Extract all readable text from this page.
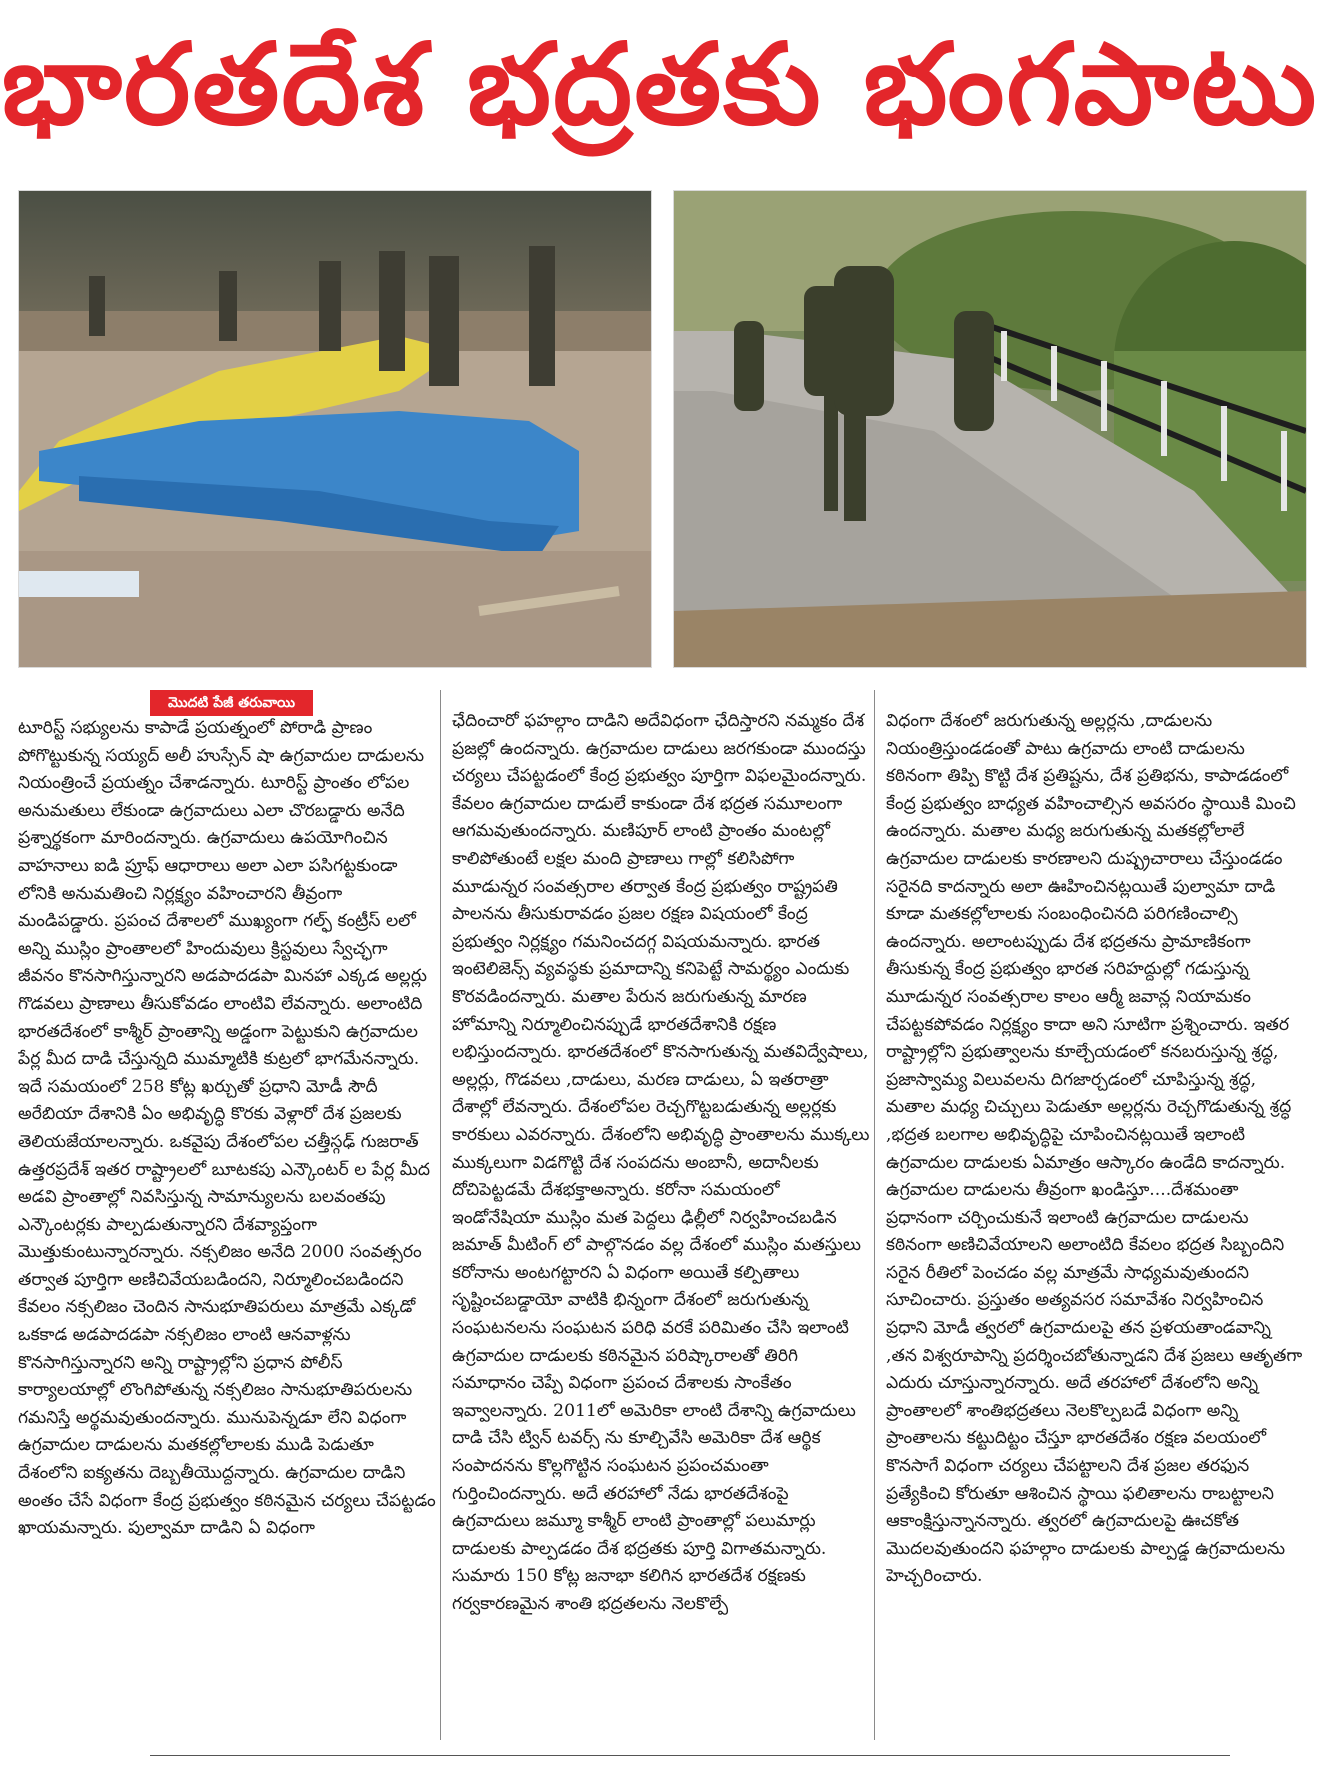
భారతదేశ భద్రతకు భంగపాటు
మొదటి పేజీ తరువాయి

టూరిస్ట్ సభ్యులను కాపాడే ప్రయత్నంలో పోరాడి ప్రాణం పోగొట్టుకున్న సయ్యద్ అలీ హుస్సేన్ షా ఉగ్రవాదుల దాడులను నియంత్రించే ప్రయత్నం చేశాడన్నారు. టూరిస్ట్ ప్రాంతం లోపల అనుమతులు లేకుండా ఉగ్రవాదులు ఎలా చొరబడ్డారు అనేది ప్రశ్నార్థకంగా మారిందన్నారు. ఉగ్రవాదులు ఉపయోగించిన వాహనాలు ఐడి ప్రూఫ్ ఆధారాలు అలా ఎలా పసిగట్టకుండా లోనికి అనుమతించి నిర్లక్ష్యం వహించారని తీవ్రంగా మండిపడ్డారు. ప్రపంచ దేశాలలో ముఖ్యంగా గల్ఫ్ కంట్రీస్ లలో అన్ని ముస్లిం ప్రాంతాలలో హిందువులు క్రిస్టవులు స్వేచ్ఛగా జీవనం కొనసాగిస్తున్నారని అడపాదడపా మినహా ఎక్కడ అల్లర్లు గొడవలు ప్రాణాలు తీసుకోవడం లాంటివి లేవన్నారు. అలాంటిది భారతదేశంలో కాశ్మీర్ ప్రాంతాన్ని అడ్డంగా పెట్టుకుని ఉగ్రవాదుల పేర్ల మీద దాడి చేస్తున్నది ముమ్మాటికి కుట్రలో భాగమేనన్నారు. ఇదే సమయంలో 258 కోట్ల ఖర్చుతో ప్రధాని మోడీ సౌదీ అరేబియా దేశానికి ఏం అభివృద్ధి కొరకు వెళ్లారో దేశ ప్రజలకు తెలియజేయాలన్నారు. ఒకవైపు దేశంలోపల చత్తీస్గఢ్ గుజరాత్ ఉత్తరప్రదేశ్ ఇతర రాష్ట్రాలలో బూటకపు ఎన్కౌంటర్ ల పేర్ల మీద అడవి ప్రాంతాల్లో నివసిస్తున్న సామాన్యులను బలవంతపు ఎన్కౌంటర్లకు పాల్పడుతున్నారని దేశవ్యాప్తంగా మొత్తుకుంటున్నారన్నారు. నక్సలిజం అనేది 2000 సంవత్సరం తర్వాత పూర్తిగా అణిచివేయబడిందని, నిర్మూలించబడిందని కేవలం నక్సలిజం చెందిన సానుభూతిపరులు మాత్రమే ఎక్కడో ఒకకాడ అడపాదడపా నక్సలిజం లాంటి ఆనవాళ్లను కొనసాగిస్తున్నారని అన్ని రాష్ట్రాల్లోని ప్రధాన పోలీస్ కార్యాలయాల్లో లొంగిపోతున్న నక్సలిజం సానుభూతిపరులను గమనిస్తే అర్థమవుతుందన్నారు. మునుపెన్నడూ లేని విధంగా ఉగ్రవాదుల దాడులను మతకల్లోలాలకు ముడి పెడుతూ దేశంలోని ఐక్యతను దెబ్బతీయొద్దన్నారు. ఉగ్రవాదుల దాడిని అంతం చేసే విధంగా కేంద్ర ప్రభుత్వం కఠినమైన చర్యలు చేపట్టడం ఖాయమన్నారు. పుల్వామా దాడిని ఏ విధంగా

ఛేదించారో ఫహల్గాం దాడిని అదేవిధంగా ఛేదిస్తారని నమ్మకం దేశ ప్రజల్లో ఉందన్నారు. ఉగ్రవాదుల దాడులు జరగకుండా ముందస్తు చర్యలు చేపట్టడంలో కేంద్ర ప్రభుత్వం పూర్తిగా విఫలమైందన్నారు. కేవలం ఉగ్రవాదుల దాడులే కాకుండా దేశ భద్రత సమూలంగా ఆగమవుతుందన్నారు. మణిపూర్ లాంటి ప్రాంతం మంటల్లో కాలిపోతుంటే లక్షల మంది ప్రాణాలు గాల్లో కలిసిపోగా మూడున్నర సంవత్సరాల తర్వాత కేంద్ర ప్రభుత్వం రాష్ట్రపతి పాలనను తీసుకురావడం ప్రజల రక్షణ విషయంలో కేంద్ర ప్రభుత్వం నిర్లక్ష్యం గమనించదగ్గ విషయమన్నారు. భారత ఇంటెలిజెన్స్ వ్యవస్థకు ప్రమాదాన్ని కనిపెట్టే సామర్థ్యం ఎందుకు కొరవడిందన్నారు. మతాల పేరున జరుగుతున్న మారణ హోమాన్ని నిర్మూలించినప్పుడే భారతదేశానికి రక్షణ లభిస్తుందన్నారు. భారతదేశంలో కొనసాగుతున్న మతవిద్వేషాలు, అల్లర్లు, గొడవలు ,దాడులు, మరణ దాడులు, ఏ ఇతరాత్రా దేశాల్లో లేవన్నారు. దేశంలోపల రెచ్చగొట్టబడుతున్న అల్లర్లకు కారకులు ఎవరన్నారు. దేశంలోని అభివృద్ధి ప్రాంతాలను ముక్కలు ముక్కలుగా విడగొట్టి దేశ సంపదను అంబానీ, అదానీలకు దోచిపెట్టడమే దేశభక్తాఅన్నారు. కరోనా సమయంలో ఇండోనేషియా ముస్లిం మత పెద్దలు ఢిల్లీలో నిర్వహించబడిన జమాత్ మీటింగ్ లో పాల్గొనడం వల్ల దేశంలో ముస్లిం మతస్తులు కరోనాను అంటగట్టారని ఏ విధంగా అయితే కల్పితాలు సృష్టించబడ్డాయో వాటికి భిన్నంగా దేశంలో జరుగుతున్న సంఘటనలను సంఘటన పరిధి వరకే పరిమితం చేసి ఇలాంటి ఉగ్రవాదుల దాడులకు కఠినమైన పరిష్కారాలతో తిరిగి సమాధానం చెప్పే విధంగా ప్రపంచ దేశాలకు సాంకేతం ఇవ్వాలన్నారు. 2011లో అమెరికా లాంటి దేశాన్ని ఉగ్రవాదులు దాడి చేసి ట్విన్ టవర్స్ ను కూల్చివేసి అమెరికా దేశ ఆర్థిక సంపాదనను కొల్లగొట్టిన సంఘటన ప్రపంచమంతా గుర్తించిందన్నారు. అదే తరహాలో నేడు భారతదేశంపై ఉగ్రవాదులు జమ్మూ కాశ్మీర్ లాంటి ప్రాంతాల్లో పలుమార్లు దాడులకు పాల్పడడం దేశ భద్రతకు పూర్తి విగాతమన్నారు. సుమారు 150 కోట్ల జనాభా కలిగిన భారతదేశ రక్షణకు గర్వకారణమైన శాంతి భద్రతలను నెలకొల్పే

విధంగా దేశంలో జరుగుతున్న అల్లర్లను ,దాడులను నియంత్రిస్తుండడంతో పాటు ఉగ్రవాదు లాంటి దాడులను కఠినంగా తిప్పి కొట్టి దేశ ప్రతిష్టను, దేశ ప్రతిభను, కాపాడడంలో కేంద్ర ప్రభుత్వం బాధ్యత వహించాల్సిన అవసరం స్థాయికి మించి ఉందన్నారు. మతాల మధ్య జరుగుతున్న మతకల్లోలాలే ఉగ్రవాదుల దాడులకు కారణాలని దుష్ప్రచారాలు చేస్తుండడం సరైనది కాదన్నారు అలా ఊహించినట్లయితే పుల్వామా దాడి కూడా మతకల్లోలాలకు సంబంధించినది పరిగణించాల్సి ఉందన్నారు. అలాంటప్పుడు దేశ భద్రతను ప్రామాణికంగా తీసుకున్న కేంద్ర ప్రభుత్వం భారత సరిహద్దుల్లో గడుస్తున్న మూడున్నర సంవత్సరాల కాలం ఆర్మీ జవాన్ల నియామకం చేపట్టకపోవడం నిర్లక్ష్యం కాదా అని సూటిగా ప్రశ్నించారు. ఇతర రాష్ట్రాల్లోని ప్రభుత్వాలను కూల్చేయడంలో కనబరుస్తున్న శ్రద్ధ, ప్రజాస్వామ్య విలువలను దిగజార్చడంలో చూపిస్తున్న శ్రద్ధ, మతాల మధ్య చిచ్చులు పెడుతూ అల్లర్లను రెచ్చగొడుతున్న శ్రద్ధ ,భద్రత బలగాల అభివృద్ధిపై చూపించినట్లయితే ఇలాంటి ఉగ్రవాదుల దాడులకు ఏమాత్రం ఆస్కారం ఉండేది కాదన్నారు. ఉగ్రవాదుల దాడులను తీవ్రంగా ఖండిస్తూ....దేశమంతా ప్రధానంగా చర్చించుకునే ఇలాంటి ఉగ్రవాదుల దాడులను కఠినంగా అణిచివేయాలని అలాంటిది కేవలం భద్రత సిబ్బందిని సరైన రీతిలో పెంచడం వల్ల మాత్రమే సాధ్యమవుతుందని సూచించారు. ప్రస్తుతం అత్యవసర సమావేశం నిర్వహించిన ప్రధాని మోడీ త్వరలో ఉగ్రవాదులపై తన ప్రళయతాండవాన్ని ,తన విశ్వరూపాన్ని ప్రదర్శించబోతున్నాడని దేశ ప్రజలు ఆతృతగా ఎదురు చూస్తున్నారన్నారు. అదే తరహాలో దేశంలోని అన్ని ప్రాంతాలలో శాంతిభద్రతలు నెలకొల్పబడే విధంగా అన్ని ప్రాంతాలను కట్టుదిట్టం చేస్తూ భారతదేశం రక్షణ వలయంలో కొనసాగే విధంగా చర్యలు చేపట్టాలని దేశ ప్రజల తరఫున ప్రత్యేకించి కోరుతూ ఆశించిన స్థాయి ఫలితాలను రాబట్టాలని ఆకాంక్షిస్తున్నానన్నారు. త్వరలో ఉగ్రవాదులపై ఊచకోత మొదలవుతుందని ఫహల్గాం దాడులకు పాల్పడ్డ ఉగ్రవాదులను హెచ్చరించారు.
